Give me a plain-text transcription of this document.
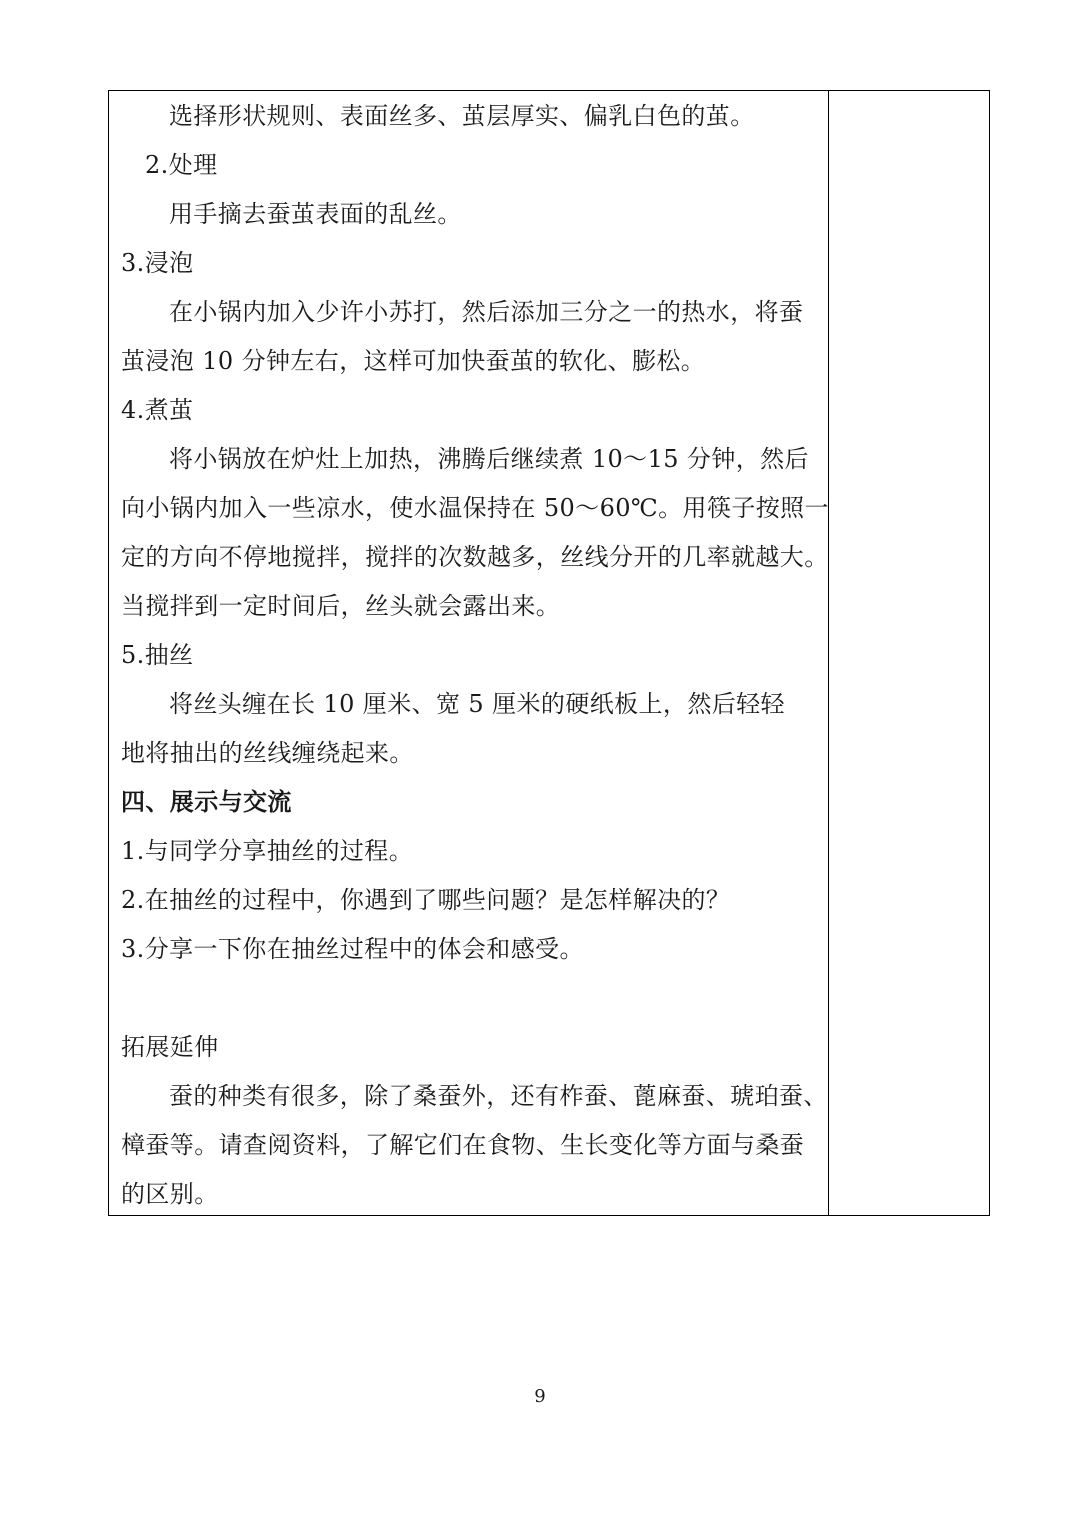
选择形状规则、表面丝多、茧层厚实、偏乳白色的茧。
2.处理
用手摘去蚕茧表面的乱丝。
3.浸泡
在小锅内加入少许小苏打，然后添加三分之一的热水，将蚕
茧浸泡 10 分钟左右，这样可加快蚕茧的软化、膨松。
4.煮茧
将小锅放在炉灶上加热，沸腾后继续煮 10～15 分钟，然后
向小锅内加入一些凉水，使水温保持在 50～60℃。用筷子按照一
定的方向不停地搅拌，搅拌的次数越多，丝线分开的几率就越大。
当搅拌到一定时间后，丝头就会露出来。
5.抽丝
将丝头缠在长 10 厘米、宽 5 厘米的硬纸板上，然后轻轻
地将抽出的丝线缠绕起来。
四、展示与交流
1.与同学分享抽丝的过程。
2.在抽丝的过程中，你遇到了哪些问题？是怎样解决的？
3.分享一下你在抽丝过程中的体会和感受。
拓展延伸
蚕的种类有很多，除了桑蚕外，还有柞蚕、蓖麻蚕、琥珀蚕、
樟蚕等。请查阅资料，了解它们在食物、生长变化等方面与桑蚕
的区别。
9
